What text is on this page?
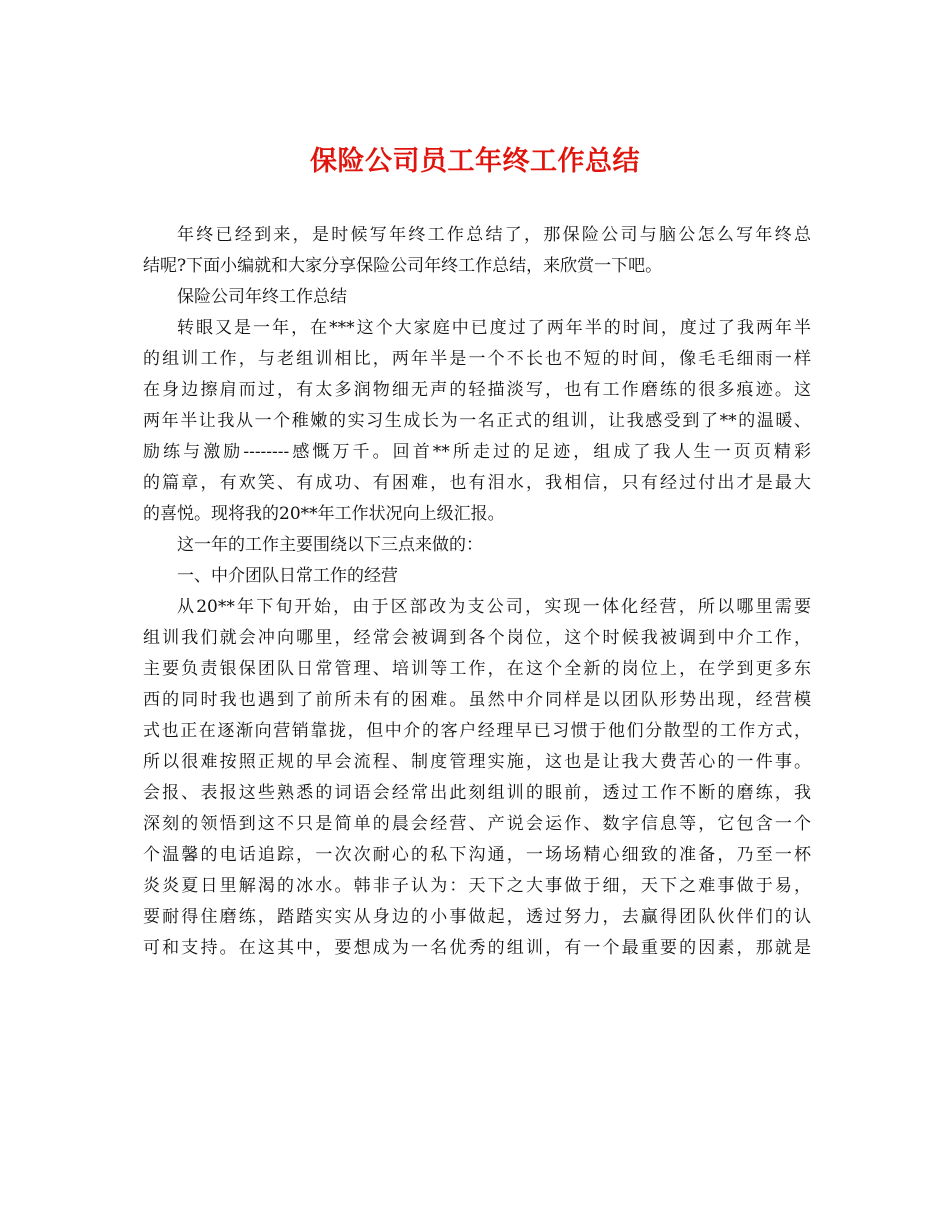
保险公司员工年终工作总结
年终已经到来，是时候写年终工作总结了，那保险公司与脑公怎么写年终总
结呢?下面小编就和大家分享保险公司年终工作总结，来欣赏一下吧。
保险公司年终工作总结
转眼又是一年，在***这个大家庭中已度过了两年半的时间，度过了我两年半
的组训工作，与老组训相比，两年半是一个不长也不短的时间，像毛毛细雨一样
在身边擦肩而过，有太多润物细无声的轻描淡写，也有工作磨练的很多痕迹。这
两年半让我从一个稚嫩的实习生成长为一名正式的组训，让我感受到了**的温暖、
励练与激励--------感慨万千。回首**所走过的足迹，组成了我人生一页页精彩
的篇章，有欢笑、有成功、有困难，也有泪水，我相信，只有经过付出才是最大
的喜悦。现将我的20**年工作状况向上级汇报。
这一年的工作主要围绕以下三点来做的：
一、中介团队日常工作的经营
从20**年下旬开始，由于区部改为支公司，实现一体化经营，所以哪里需要
组训我们就会冲向哪里，经常会被调到各个岗位，这个时候我被调到中介工作，
主要负责银保团队日常管理、培训等工作，在这个全新的岗位上，在学到更多东
西的同时我也遇到了前所未有的困难。虽然中介同样是以团队形势出现，经营模
式也正在逐渐向营销靠拢，但中介的客户经理早已习惯于他们分散型的工作方式，
所以很难按照正规的早会流程、制度管理实施，这也是让我大费苦心的一件事。
会报、表报这些熟悉的词语会经常出此刻组训的眼前，透过工作不断的磨练，我
深刻的领悟到这不只是简单的晨会经营、产说会运作、数字信息等，它包含一个
个温馨的电话追踪，一次次耐心的私下沟通，一场场精心细致的准备，乃至一杯
炎炎夏日里解渴的冰水。韩非子认为：天下之大事做于细，天下之难事做于易，
要耐得住磨练，踏踏实实从身边的小事做起，透过努力，去赢得团队伙伴们的认
可和支持。在这其中，要想成为一名优秀的组训，有一个最重要的因素，那就是
